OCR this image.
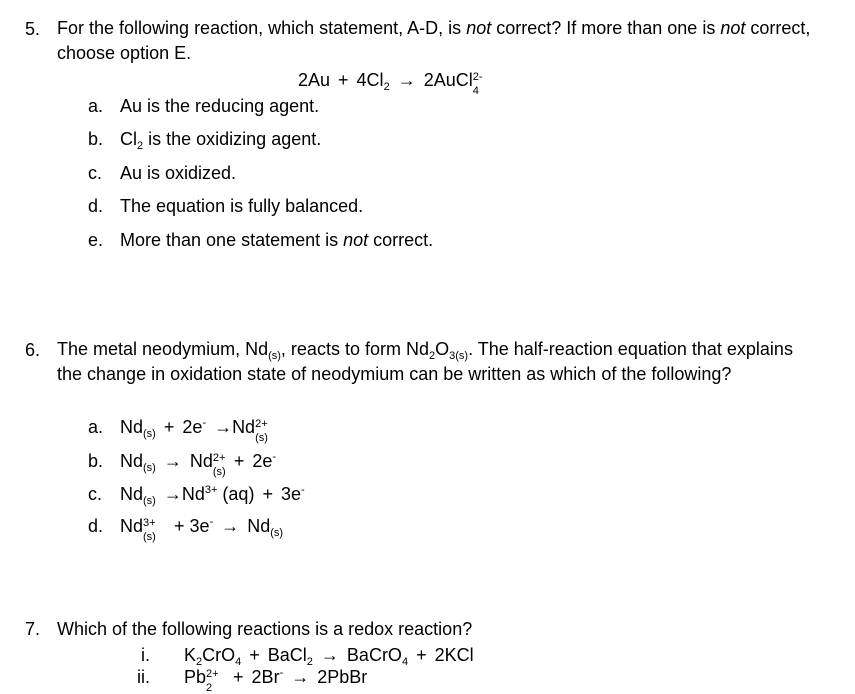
5. For the following reaction, which statement, A-D, is not correct? If more than one is not correct, choose option E.
$2Au + 4Cl_2$ → 2AuCl 2-
4
a. Au is the reducing agent.
b. $Cl_2$ is the oxidizing agent.
c. Au is oxidized.
d. The equation is fully balanced.
e. More than one statement is not correct.
6. The metal neodymium, $Nd_{(s)}$, reacts to form $Nd_2O_{3(s)}$. The half-reaction equation that explains the change in oxidation state of neodymium can be written as which of the following?
a. $Nd_{(s)} + 2e^- \to Nd$ 2+
(s)
b. $Nd_{(s)} \to Nd$ 2+
(s)
+ 2e-
c. $Nd_{(s)} \to Nd^{3+}$ (aq) + 3e-
d. Nd 3+
(s)
+ $3e^- \to Nd_{(s)}$
7. Which of the following reactions is a redox reaction?
i. $K_2CrO_4$ + BaCl$_2$ → BaCrO$_4$ + 2KCl
ii. Pb 2+
2
+ 2Br- → 2PbBr
